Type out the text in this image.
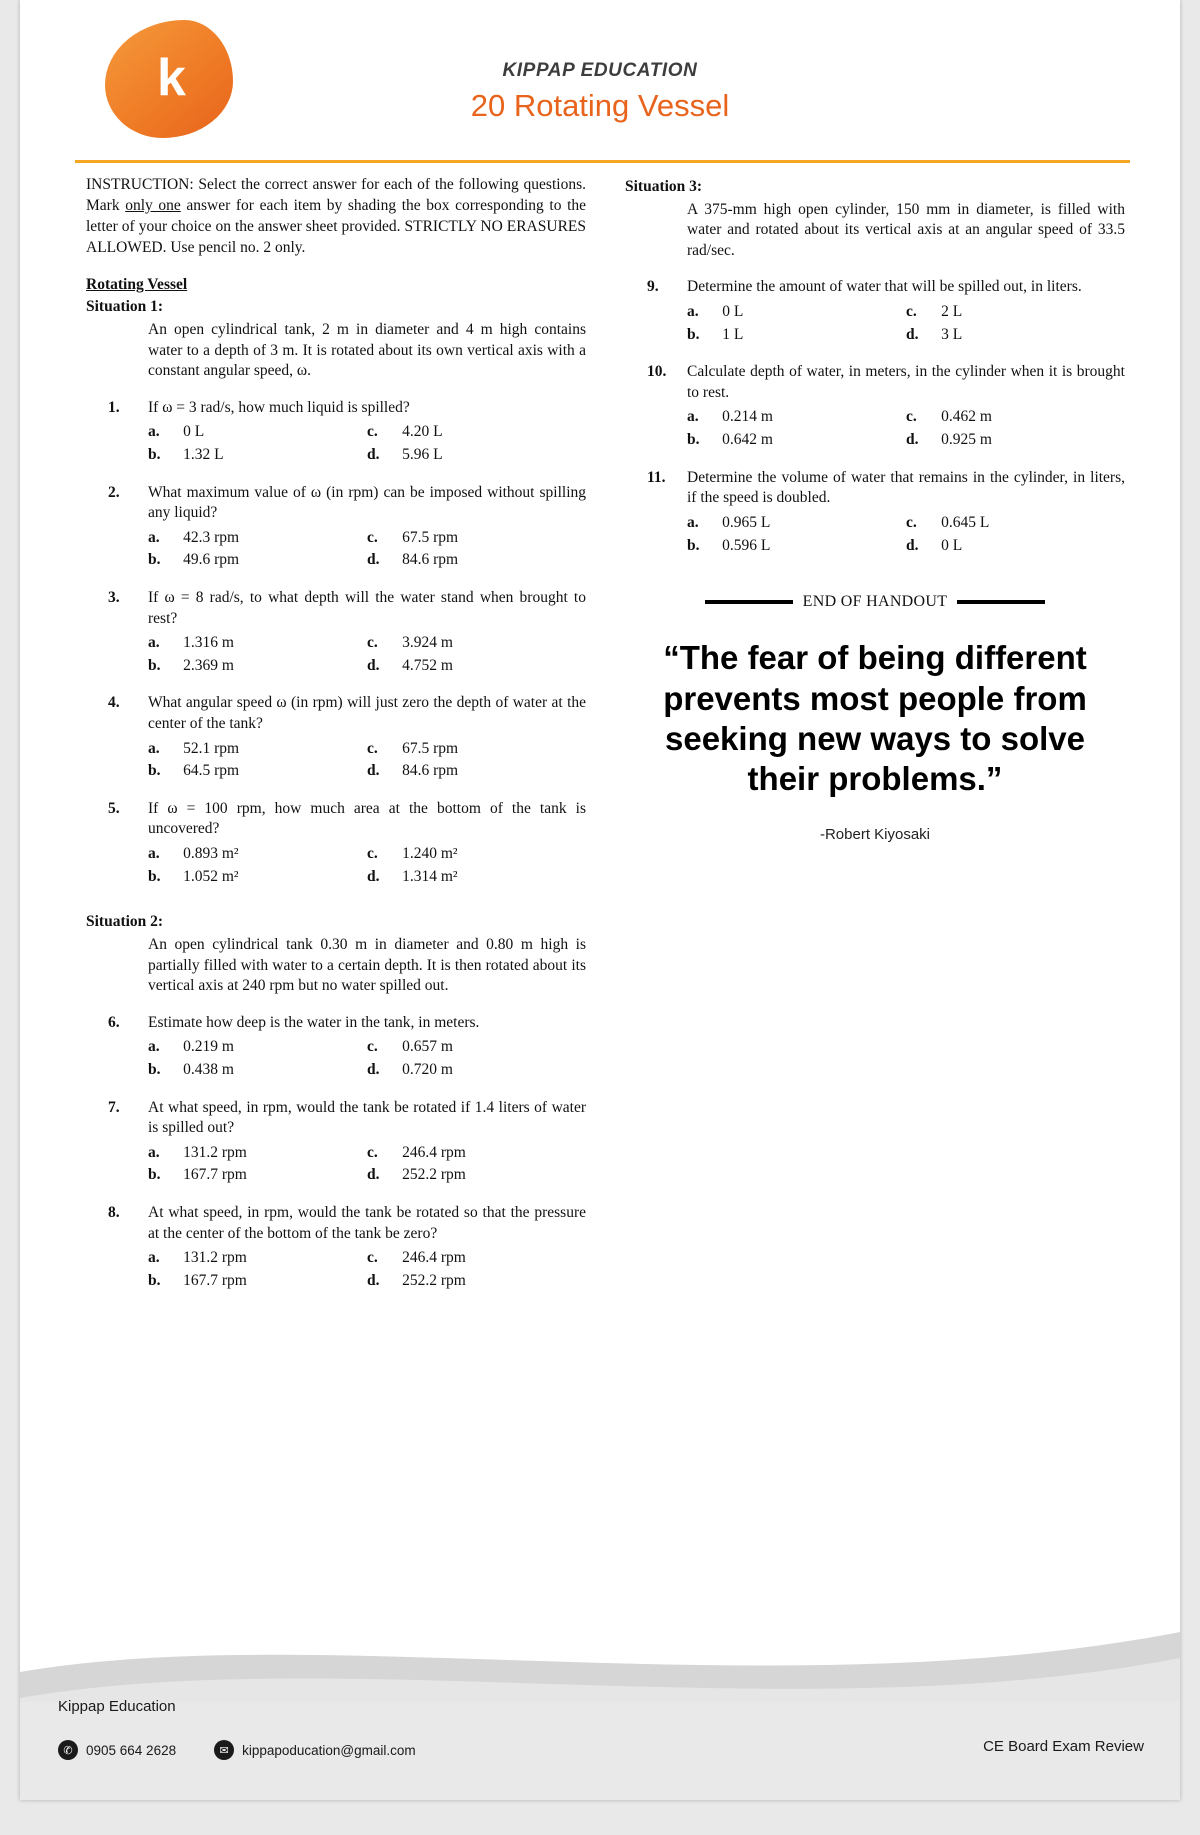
k	KIPPAP EDUCATION
20 Rotating Vessel
INSTRUCTION: Select the correct answer for each of the following questions. Mark only one answer for each item by shading the box corresponding to the letter of your choice on the answer sheet provided. STRICTLY NO ERASURES ALLOWED. Use pencil no. 2 only.
Rotating Vessel
Situation 1:
An open cylindrical tank, 2 m in diameter and 4 m high contains water to a depth of 3 m. It is rotated about its own vertical axis with a constant angular speed, ω.
1. If ω = 3 rad/s, how much liquid is spilled?
a.	0 L	c.	4.20 L
b.	1.32 L	d.	5.96 L
2. What maximum value of ω (in rpm) can be imposed without spilling any liquid?
a.	42.3 rpm	c.	67.5 rpm
b.	49.6 rpm	d.	84.6 rpm
3. If ω = 8 rad/s, to what depth will the water stand when brought to rest?
a.	1.316 m	c.	3.924 m
b.	2.369 m	d.	4.752 m
4. What angular speed ω (in rpm) will just zero the depth of water at the center of the tank?
a.	52.1 rpm	c.	67.5 rpm
b.	64.5 rpm	d.	84.6 rpm
5. If ω = 100 rpm, how much area at the bottom of the tank is uncovered?
a.	0.893 m²	c.	1.240 m²
b.	1.052 m²	d.	1.314 m²
Situation 2:
An open cylindrical tank 0.30 m in diameter and 0.80 m high is partially filled with water to a certain depth. It is then rotated about its vertical axis at 240 rpm but no water spilled out.
6. Estimate how deep is the water in the tank, in meters.
a.	0.219 m	c.	0.657 m
b.	0.438 m	d.	0.720 m
7. At what speed, in rpm, would the tank be rotated if 1.4 liters of water is spilled out?
a.	131.2 rpm	c.	246.4 rpm
b.	167.7 rpm	d.	252.2 rpm
8. At what speed, in rpm, would the tank be rotated so that the pressure at the center of the bottom of the tank be zero?
a.	131.2 rpm	c.	246.4 rpm
b.	167.7 rpm	d.	252.2 rpm
Situation 3:
A 375-mm high open cylinder, 150 mm in diameter, is filled with water and rotated about its vertical axis at an angular speed of 33.5 rad/sec.
9. Determine the amount of water that will be spilled out, in liters.
a.	0 L	c.	2 L
b.	1 L	d.	3 L
10. Calculate depth of water, in meters, in the cylinder when it is brought to rest.
a.	0.214 m	c.	0.462 m
b.	0.642 m	d.	0.925 m
11. Determine the volume of water that remains in the cylinder, in liters, if the speed is doubled.
a.	0.965 L	c.	0.645 L
b.	0.596 L	d.	0 L
END OF HANDOUT
“The fear of being different prevents most people from seeking new ways to solve their problems.”
-Robert Kiyosaki
Kippap Education
✆ 0905 664 2628	✉ kippapoducation@gmail.com	CE Board Exam Review
